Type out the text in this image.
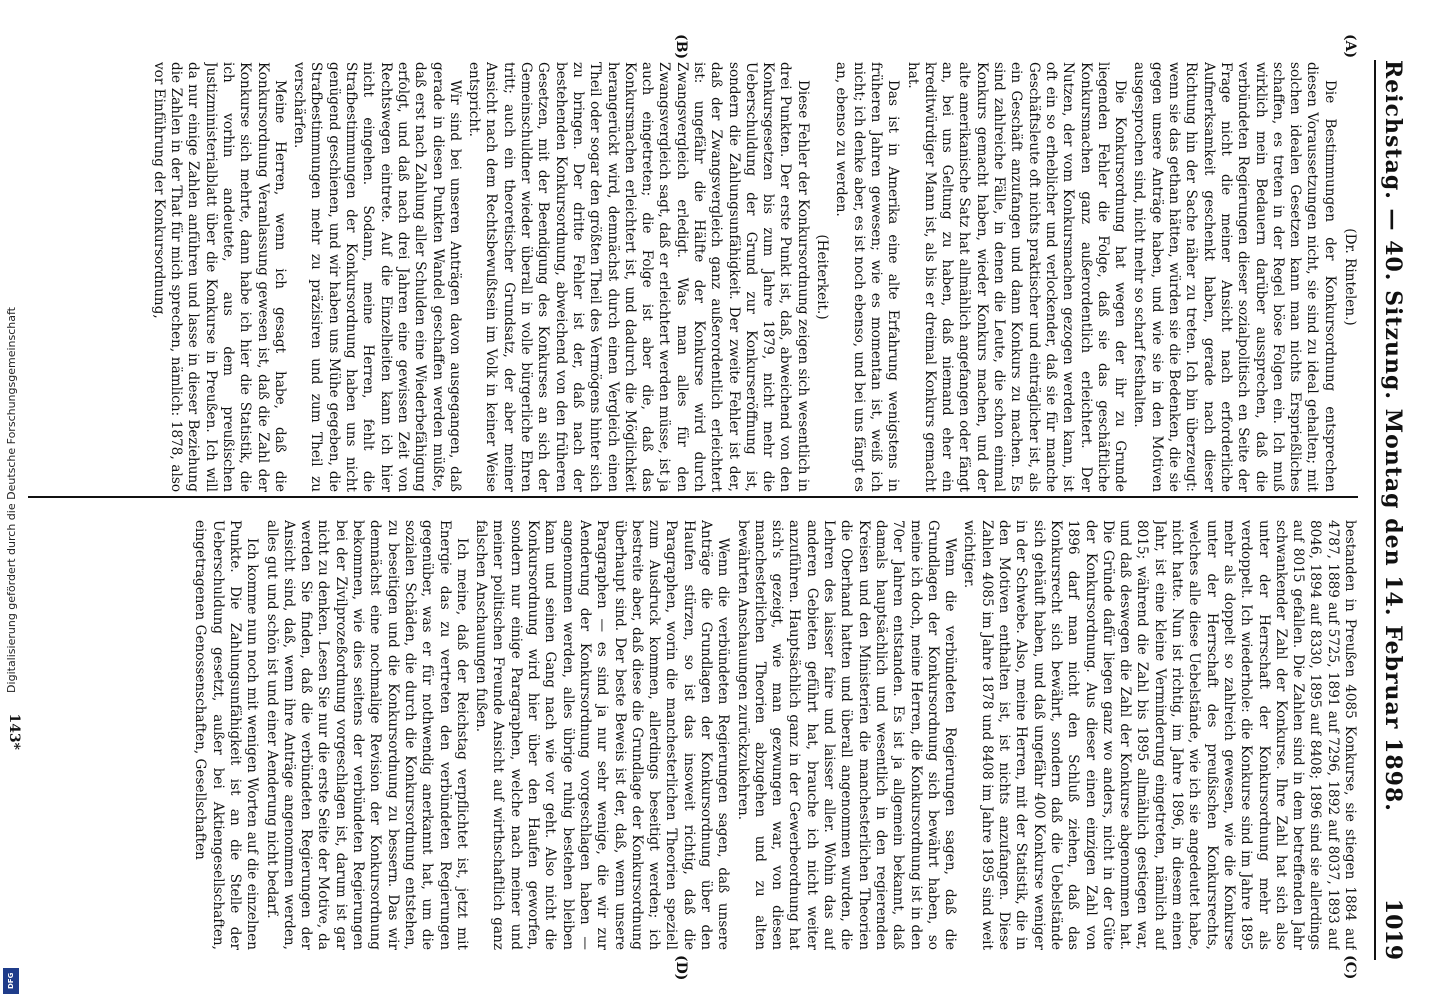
Digitalisierung gefördert durch die Deutsche Forschungsgemeinschaft
DFG
Reichstag. — 40. Sitzung. Montag den 14. Februar 1898.
1019
(A)
(B)
(C)
(D)
(Dr. Rintelen.)

Die Bestimmungen der Konkursordnung entsprechen diesen Voraussetzungen nicht, sie sind zu ideal gehalten; mit solchen idealen Gesetzen kann man nichts Ersprießliches schaffen, es treten in der Regel böse Folgen ein. Ich muß wirklich mein Bedauern darüber aussprechen, daß die verbündeten Regierungen dieser sozialpolitisch en Seite der Frage nicht die meiner Ansicht nach erforderliche Aufmerksamkeit geschenkt haben, gerade nach dieser Richtung hin der Sache näher zu treten. Ich bin überzeugt: wenn sie das gethan hätten, würden sie die Bedenken, die sie gegen unsere Anträge haben, und wie sie in den Motiven ausgesprochen sind, nicht mehr so scharf festhalten.

Die Konkursordnung hat wegen der ihr zu Grunde liegenden Fehler die Folge, daß sie das geschäftliche Konkursmachen ganz außerordentlich erleichtert. Der Nutzen, der vom Konkursmachen gezogen werden kann, ist oft ein so erheblicher und verlockender, daß sie für manche Geschäftsleute oft nichts praktischer und einträglicher ist, als ein Geschäft anzufangen und dann Konkurs zu machen. Es sind zahlreiche Fälle, in denen die Leute, die schon einmal Konkurs gemacht haben, wieder Konkurs machen, und der alte amerikanische Satz hat allmählich angefangen oder fängt an, bei uns Geltung zu haben, daß niemand eher ein kreditwürdiger Mann ist, als bis er dreimal Konkurs gemacht hat.

Das ist in Amerika eine alte Erfahrung wenigstens in früheren Jahren gewesen; wie es momentan ist, weiß ich nicht; ich denke aber, es ist noch ebenso, und bei uns fängt es an, ebenso zu werden.

(Heiterkeit.)

Diese Fehler der Konkursordnung zeigen sich wesentlich in drei Punkten. Der erste Punkt ist, daß, abweichend von den Konkursgesetzen bis zum Jahre 1879, nicht mehr die Ueberschuldung der Grund zur Konkurseröffnung ist, sondern die Zahlungsunfähigkeit. Der zweite Fehler ist der, daß der Zwangsvergleich ganz außerordentlich erleichtert ist: ungefähr die Hälfte der Konkurse wird durch Zwangsvergleich erledigt. Was man alles für den Zwangsvergleich sagt, daß er erleichtert werden müsse, ist ja auch eingetreten; die Folge ist aber die, daß das Konkursmachen erleichtert ist, und dadurch die Möglichkeit herangerückt wird, demnächst durch einen Vergleich einen Theil oder sogar den größten Theil des Vermögens hinter sich zu bringen. Der dritte Fehler ist der, daß nach der bestehenden Konkursordnung, abweichend von den früheren Gesetzen, mit der Beendigung des Konkurses an sich der Gemeinschuldner wieder überall in volle bürgerliche Ehren tritt; auch ein theoretischer Grundsatz, der aber meiner Ansicht nach dem Rechtsbewußtsein im Volk in keiner Weise entspricht.

Wir sind bei unseren Anträgen davon ausgegangen, daß gerade in diesen Punkten Wandel geschaffen werden müßte, daß erst nach Zahlung aller Schulden eine Wiederbefähigung erfolgt, und daß nach drei Jahren eine gewissen Zeit von Rechtswegen eintrete. Auf die Einzelheiten kann ich hier nicht eingehen. Sodann, meine Herren, fehlt die Strafbestimmungen der Konkursordnung haben uns nicht genügend geschienen, und wir haben uns Mühe gegeben, die Strafbestimmungen mehr zu präzisiren und zum Theil zu verschärfen.

Meine Herren, wenn ich gesagt habe, daß die Konkursordnung Veranlassung gewesen ist, daß die Zahl der Konkurse sich mehrte, dann habe ich hier die Statistik, die ich vorhin andeutete, aus dem preußischen Justizministerialblatt über die Konkurse in Preußen. Ich will da nur einige Zahlen anführen und lasse in dieser Beziehung die Zahlen in der That für mich sprechen, nämlich: 1878, also vor Einführung der Konkursordnung,

bestanden in Preußen 4085 Konkurse, sie stiegen 1884 auf 4787, 1889 auf 5725, 1891 auf 7296, 1892 auf 8037, 1893 auf 8046, 1894 auf 8330, 1895 auf 8408; 1896 sind sie allerdings auf 8015 gefallen. Die Zahlen sind in dem betreffenden Jahr schwankender Zahl der Konkurse. Ihre Zahl hat sich also unter der Herrschaft der Konkursordnung mehr als verdoppelt. Ich wiederhole: die Konkurse sind im Jahre 1895 mehr als doppelt so zahlreich gewesen, wie die Konkurse unter der Herrschaft des preußischen Konkursrechts, welches alle diese Uebelstände, wie ich sie angedeutet habe, nicht hatte. Nun ist richtig, im Jahre 1896, in diesem einen Jahr, ist eine kleine Verminderung eingetreten, nämlich auf 8015; während die Zahl bis 1895 allmählich gestiegen war, und daß deswegen die Zahl der Konkurse abgenommen hat. Die Gründe dafür liegen ganz wo anders, nicht in der Güte der Konkursordnung. Aus dieser einen einzigen Zahl von 1896 darf man nicht den Schluß ziehen, daß das Konkursrecht sich bewährt, sondern daß die Uebelstände sich gehäuft haben, und daß ungefähr 400 Konkurse weniger in der Schwebe. Also, meine Herren, mit der Statistik, die in den Motiven enthalten ist, ist nichts anzufangen. Diese Zahlen 4085 im Jahre 1878 und 8408 im Jahre 1895 sind weit wichtiger.

Wenn die verbündeten Regierungen sagen, daß die Grundlagen der Konkursordnung sich bewährt haben, so meine ich doch, meine Herren, die Konkursordnung ist in den 70er Jahren entstanden. Es ist ja allgemein bekannt, daß damals hauptsächlich und wesentlich in den regierenden Kreisen und den Ministerien die manchesterlichen Theorien die Oberhand hatten und überall angenommen wurden, die Lehren des laisser faire und laisser aller. Wohin das auf anderen Gebieten geführt hat, brauche ich nicht weiter anzuführen. Hauptsächlich ganz in der Gewerbeordnung hat sich's gezeigt, wie man gezwungen war, von diesen manchesterlichen Theorien abzugehen und zu alten bewährten Anschauungen zurückzukehren.

Wenn die verbündeten Regierungen sagen, daß unsere Anträge die Grundlagen der Konkursordnung über den Haufen stürzen, so ist das insoweit richtig, daß die Paragraphen, worin die manchesterlichen Theorien speziell zum Ausdruck kommen, allerdings beseitigt werden; ich bestreite aber, daß diese die Grundlage der Konkursordnung überhaupt sind. Der beste Beweis ist der, daß, wenn unsere Paragraphen — es sind ja nur sehr wenige, die wir zur Aenderung der Konkursordnung vorgeschlagen haben — angenommen werden, alles übrige ruhig bestehen bleiben kann und seinen Gang nach wie vor geht. Also nicht die Konkursordnung wird hier über den Haufen geworfen, sondern nur einige Paragraphen, welche nach meiner und meiner politischen Freunde Ansicht auf wirthschaftlich ganz falschen Anschauungen fußen.

Ich meine, daß der Reichstag verpflichtet ist, jetzt mit Energie das zu vertreten den verbündeten Regierungen gegenüber, was er für nothwendig anerkannt hat, um die sozialen Schäden, die durch die Konkursordnung entstehen, zu beseitigen und die Konkursordnung zu bessern. Das wir demnächst eine nochmalige Revision der Konkursordnung bekommen, wie dies seitens der verbündeten Regierungen bei der Zivilprozeßordnung vorgeschlagen ist, darum ist gar nicht zu denken. Lesen Sie nur die erste Seite der Motive, da werden Sie finden, daß die verbündeten Regierungen der Ansicht sind, daß, wenn ihre Anträge angenommen werden, alles gut und schön ist und einer Aenderung nicht bedarf.

Ich komme nun noch mit wenigen Worten auf die einzelnen Punkte. Die Zahlungsunfähigkeit ist an die Stelle der Ueberschuldung gesetzt, außer bei Aktiengesellschaften, eingetragenen Genossenschaften, Gesellschaften

143*
